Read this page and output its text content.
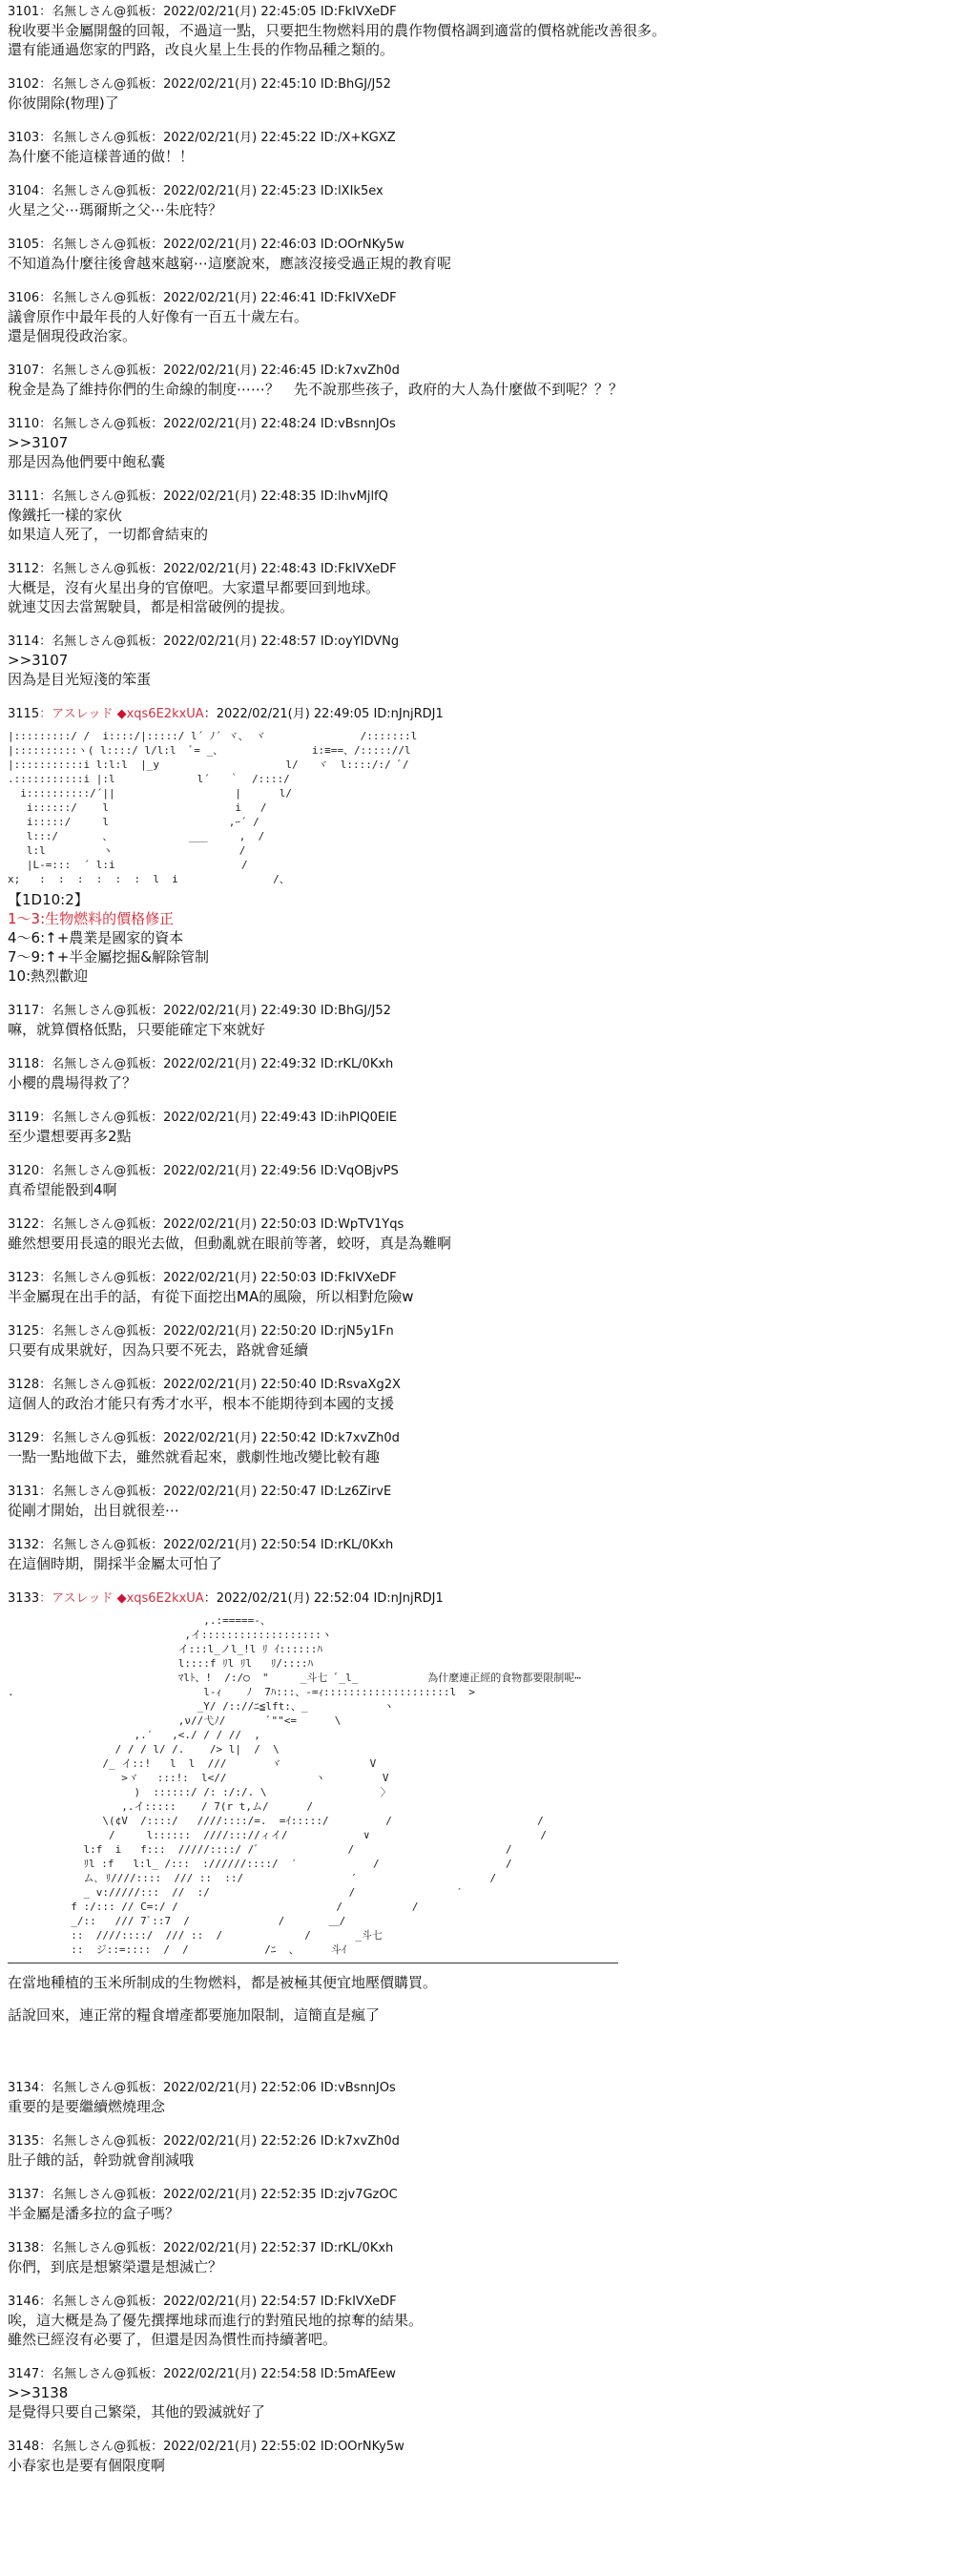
3101：名無しさん@狐板：2022/02/21(月) 22:45:05 ID:FkIVXeDF
稅收要半金屬開盤的回報，不過這一點，只要把生物燃料用的農作物價格調到適當的價格就能改善很多。
還有能通過您家的門路，改良火星上生長的作物品種之類的。
3102：名無しさん@狐板：2022/02/21(月) 22:45:10 ID:BhGJ/J52
你彼開除(物理)了
3103：名無しさん@狐板：2022/02/21(月) 22:45:22 ID:/X+KGXZ
為什麼不能這樣普通的做！！
3104：名無しさん@狐板：2022/02/21(月) 22:45:23 ID:lXIk5ex
火星之父⋯瑪爾斯之父⋯朱庇特？
3105：名無しさん@狐板：2022/02/21(月) 22:46:03 ID:OOrNKy5w
不知道為什麼往後會越來越窮⋯這麼說來，應該沒接受過正規的教育呢
3106：名無しさん@狐板：2022/02/21(月) 22:46:41 ID:FkIVXeDF
議會原作中最年長的人好像有一百五十歲左右。
還是個現役政治家。
3107：名無しさん@狐板：2022/02/21(月) 22:46:45 ID:k7xvZh0d
稅金是為了維持你們的生命線的制度⋯⋯？　先不說那些孩子，政府的大人為什麼做不到呢？？？
3110：名無しさん@狐板：2022/02/21(月) 22:48:24 ID:vBsnnJOs
>>3107
那是因為他們要中飽私囊
3111：名無しさん@狐板：2022/02/21(月) 22:48:35 ID:lhvMjlfQ
像鐵托一樣的家伙
如果這人死了，一切都會結束的
3112：名無しさん@狐板：2022/02/21(月) 22:48:43 ID:FkIVXeDF
大概是，沒有火星出身的官僚吧。大家還早都要回到地球。
就連艾因去當駕駛員，都是相當破例的提拔。
3114：名無しさん@狐板：2022/02/21(月) 22:48:57 ID:oyYIDVNg
>>3107
因為是目光短淺的笨蛋
3115：アスレッド ◆xqs6E2kxUA：2022/02/21(月) 22:49:05 ID:nJnjRDJ1
|:::::::::/ /  i::::/|:::::/ l´ ﾉ´ ヾ、 ヾ               /:::::::l
|::::::::::ヽ( l::::/ l/l:l  ﾞ= _、              i:≡==、/::::://l
|:::::::::::i l:l:l  |_y                    l/   ヾ  l::::/:/ ﾞ/
.:::::::::::i |:l             l´   ｀  /::::/
i::::::::::/´||                   |      l/
i::::::/    l                    i   /
i:::::/     l                   ,ｰ´ /
l:::/       、            ___     ,  /
l:l         ヽ                    /
|L-=:::  ´ l:i                    /
x;   :  :  :  :  :  :  l  i               /、
【1D10:2】
1〜3:生物燃料的價格修正
4〜6:↑+農業是國家的資本
7〜9:↑+半金屬挖掘&解除管制
10:熱烈歡迎
3117：名無しさん@狐板：2022/02/21(月) 22:49:30 ID:BhGJ/J52
嘛，就算價格低點，只要能確定下來就好
3118：名無しさん@狐板：2022/02/21(月) 22:49:32 ID:rKL/0Kxh
小櫻的農場得救了？
3119：名無しさん@狐板：2022/02/21(月) 22:49:43 ID:ihPlQ0EIE
至少還想要再多2點
3120：名無しさん@狐板：2022/02/21(月) 22:49:56 ID:VqOBjvPS
真希望能骰到4啊
3122：名無しさん@狐板：2022/02/21(月) 22:50:03 ID:WpTV1Yqs
雖然想要用長遠的眼光去做，但動亂就在眼前等著，蛟呀，真是為難啊
3123：名無しさん@狐板：2022/02/21(月) 22:50:03 ID:FkIVXeDF
半金屬現在出手的話，有從下面挖出MA的風險，所以相對危險w
3125：名無しさん@狐板：2022/02/21(月) 22:50:20 ID:rjN5y1Fn
只要有成果就好，因為只要不死去，路就會延續
3128：名無しさん@狐板：2022/02/21(月) 22:50:40 ID:RsvaXg2X
這個人的政治才能只有秀才水平，根本不能期待到本國的支援
3129：名無しさん@狐板：2022/02/21(月) 22:50:42 ID:k7xvZh0d
一點一點地做下去，雖然就看起來，戲劇性地改變比較有趣
3131：名無しさん@狐板：2022/02/21(月) 22:50:47 ID:Lz6ZirvE
從剛才開始，出目就很差⋯
3132：名無しさん@狐板：2022/02/21(月) 22:50:54 ID:rKL/0Kxh
在這個時期，開採半金屬太可怕了
3133：アスレッド ◆xqs6E2kxUA：2022/02/21(月) 22:52:04 ID:nJnjRDJ1
,.:=====-、
,イ:::::::::::::::::::ヽ
イ:::l_ノl_!l ﾘ ｲ::::::ﾊ
l::::f ﾘl ﾘl   ﾘ/::::ﾊ
ﾏlﾄ、!  /:/○  "     _斗七 ﾞ_l_           為什麼連正經的食物都要限制呢⋯
.                              l-ｨ    ﾉ  7ﾊ:::、-=ｨ::::::::::::::::::::l  >
_Y/ /:://ﾆ≦lft:、_            ヽ
,ν//弋ﾉ/       ﾞ""<=      \
,.′   ,<./ / / //  ,
/ / / l/ /.    /> l|  /  \
/_ イ::!   l  l  ///       ヾ              V
>ヾ   :::!:  l<//              ヽ         V
)  ::::::/ /: :/:/. \                  〉
,.イ:::::    / 7(r t,ム/      /
\(¢V  /::::/   ////::::/=.  =ｲ:::::/         /                       /
/     l::::::  ////::://ィイ/            ∨                           /
l:f  i   f:::  /////::::/ /ﾞ              /                        /
ﾘl :f   l:l_ /:::  ://////::::/  ′            /                    /
ム､ ﾘ////::::  /// ::  ::/                 ′                     /
_ v://///:::  //  :/                      /                ′
f :/::: // C=:/ /                         /           /
_/::   /// 7ﾞ::7  /              /       ＿/
::  ////::::/  /// ::  /             /       _斗七
::  ジ::=::::  /  /            /ﾆ  、     斗ｲ
在當地種植的玉米所制成的生物燃料，都是被極其便宜地壓價購買。
話說回來，連正常的糧食增產都要施加限制，這簡直是瘋了
3134：名無しさん@狐板：2022/02/21(月) 22:52:06 ID:vBsnnJOs
重要的是要繼續燃燒理念
3135：名無しさん@狐板：2022/02/21(月) 22:52:26 ID:k7xvZh0d
肚子餓的話，幹勁就會削減哦
3137：名無しさん@狐板：2022/02/21(月) 22:52:35 ID:zjv7GzOC
半金屬是潘多拉的盒子嗎？
3138：名無しさん@狐板：2022/02/21(月) 22:52:37 ID:rKL/0Kxh
你們，到底是想繁榮還是想滅亡？
3146：名無しさん@狐板：2022/02/21(月) 22:54:57 ID:FkIVXeDF
唉，這大概是為了優先撰擇地球而進行的對殖民地的掠奪的結果。
雖然已經沒有必要了，但還是因為慣性而持續著吧。
3147：名無しさん@狐板：2022/02/21(月) 22:54:58 ID:5mAfEew
>>3138
是覺得只要自己繁榮，其他的毀滅就好了
3148：名無しさん@狐板：2022/02/21(月) 22:55:02 ID:OOrNKy5w
小春家也是要有個限度啊
